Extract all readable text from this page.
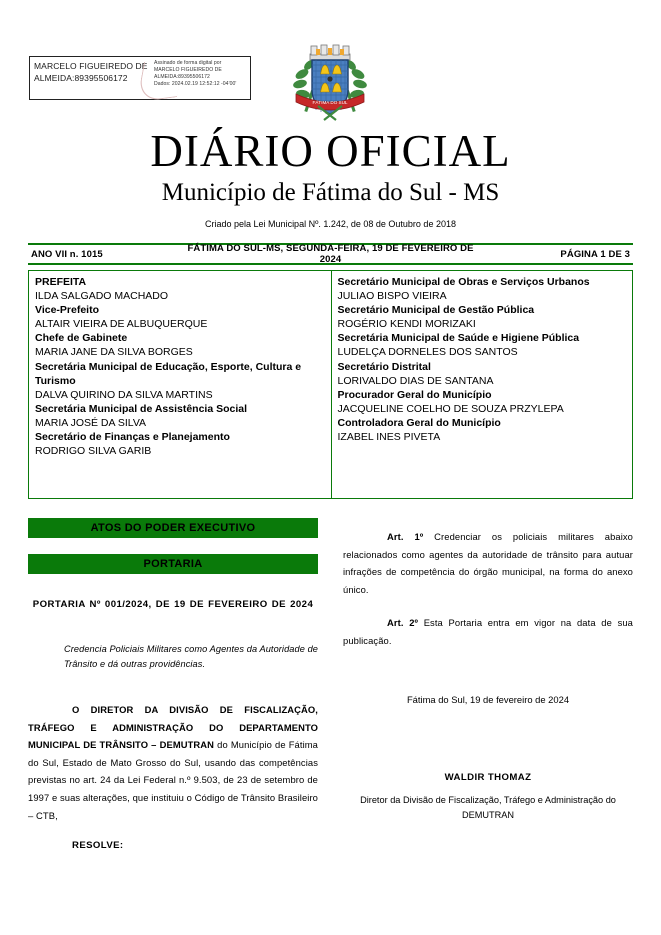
MARCELO FIGUEIREDO DE
ALMEIDA:89395506172
Assinado de forma digital por
MARCELO FIGUEIREDO DE
ALMEIDA:89395506172
Dados: 2024.02.19 12:52:12 -04'00'
FÁTIMA DO SUL
DIÁRIO OFICIAL
Município de Fátima do Sul - MS
Criado pela Lei Municipal Nº. 1.242, de 08 de Outubro de 2018
ANO VII n. 1015	FÁTIMA DO SUL-MS, SEGUNDA-FEIRA, 19 DE FEVEREIRO DE 2024	PÁGINA 1 DE 3
PREFEITA
ILDA SALGADO MACHADO
Vice-Prefeito
ALTAIR VIEIRA DE ALBUQUERQUE
Chefe de Gabinete
MARIA JANE DA SILVA BORGES
Secretária Municipal de Educação, Esporte, Cultura e Turismo
DALVA QUIRINO DA SILVA MARTINS
Secretária Municipal de Assistência Social
MARIA JOSÉ DA SILVA
Secretário de Finanças e Planejamento
RODRIGO SILVA GARIB
Secretário Municipal de Obras e Serviços Urbanos
JULIAO BISPO VIEIRA
Secretário Municipal de Gestão Pública
ROGÉRIO KENDI MORIZAKI
Secretária Municipal de Saúde e Higiene Pública
LUDELÇA DORNELES DOS SANTOS
Secretário Distrital
LORIVALDO DIAS DE SANTANA
Procurador Geral do Município
JACQUELINE COELHO DE SOUZA PRZYLEPA
Controladora Geral do Município
IZABEL INES PIVETA
ATOS DO PODER EXECUTIVO
PORTARIA
PORTARIA Nº 001/2024, DE 19 DE FEVEREIRO DE 2024
Credencia Policiais Militares como Agentes da Autoridade de Trânsito e dá outras providências.
O DIRETOR DA DIVISÃO DE FISCALIZAÇÃO, TRÁFEGO E ADMINISTRAÇÃO DO DEPARTAMENTO MUNICIPAL DE TRÂNSITO – DEMUTRAN do Município de Fátima do Sul, Estado de Mato Grosso do Sul, usando das competências previstas no art. 24 da Lei Federal n.º 9.503, de 23 de setembro de 1997 e suas alterações, que instituiu o Código de Trânsito Brasileiro – CTB,
RESOLVE:
Art. 1º Credenciar os policiais militares abaixo relacionados como agentes da autoridade de trânsito para autuar infrações de competência do órgão municipal, na forma do anexo único.
Art. 2º Esta Portaria entra em vigor na data de sua publicação.
Fátima do Sul, 19 de fevereiro de 2024
WALDIR THOMAZ
Diretor da Divisão de Fiscalização, Tráfego e Administração do DEMUTRAN
